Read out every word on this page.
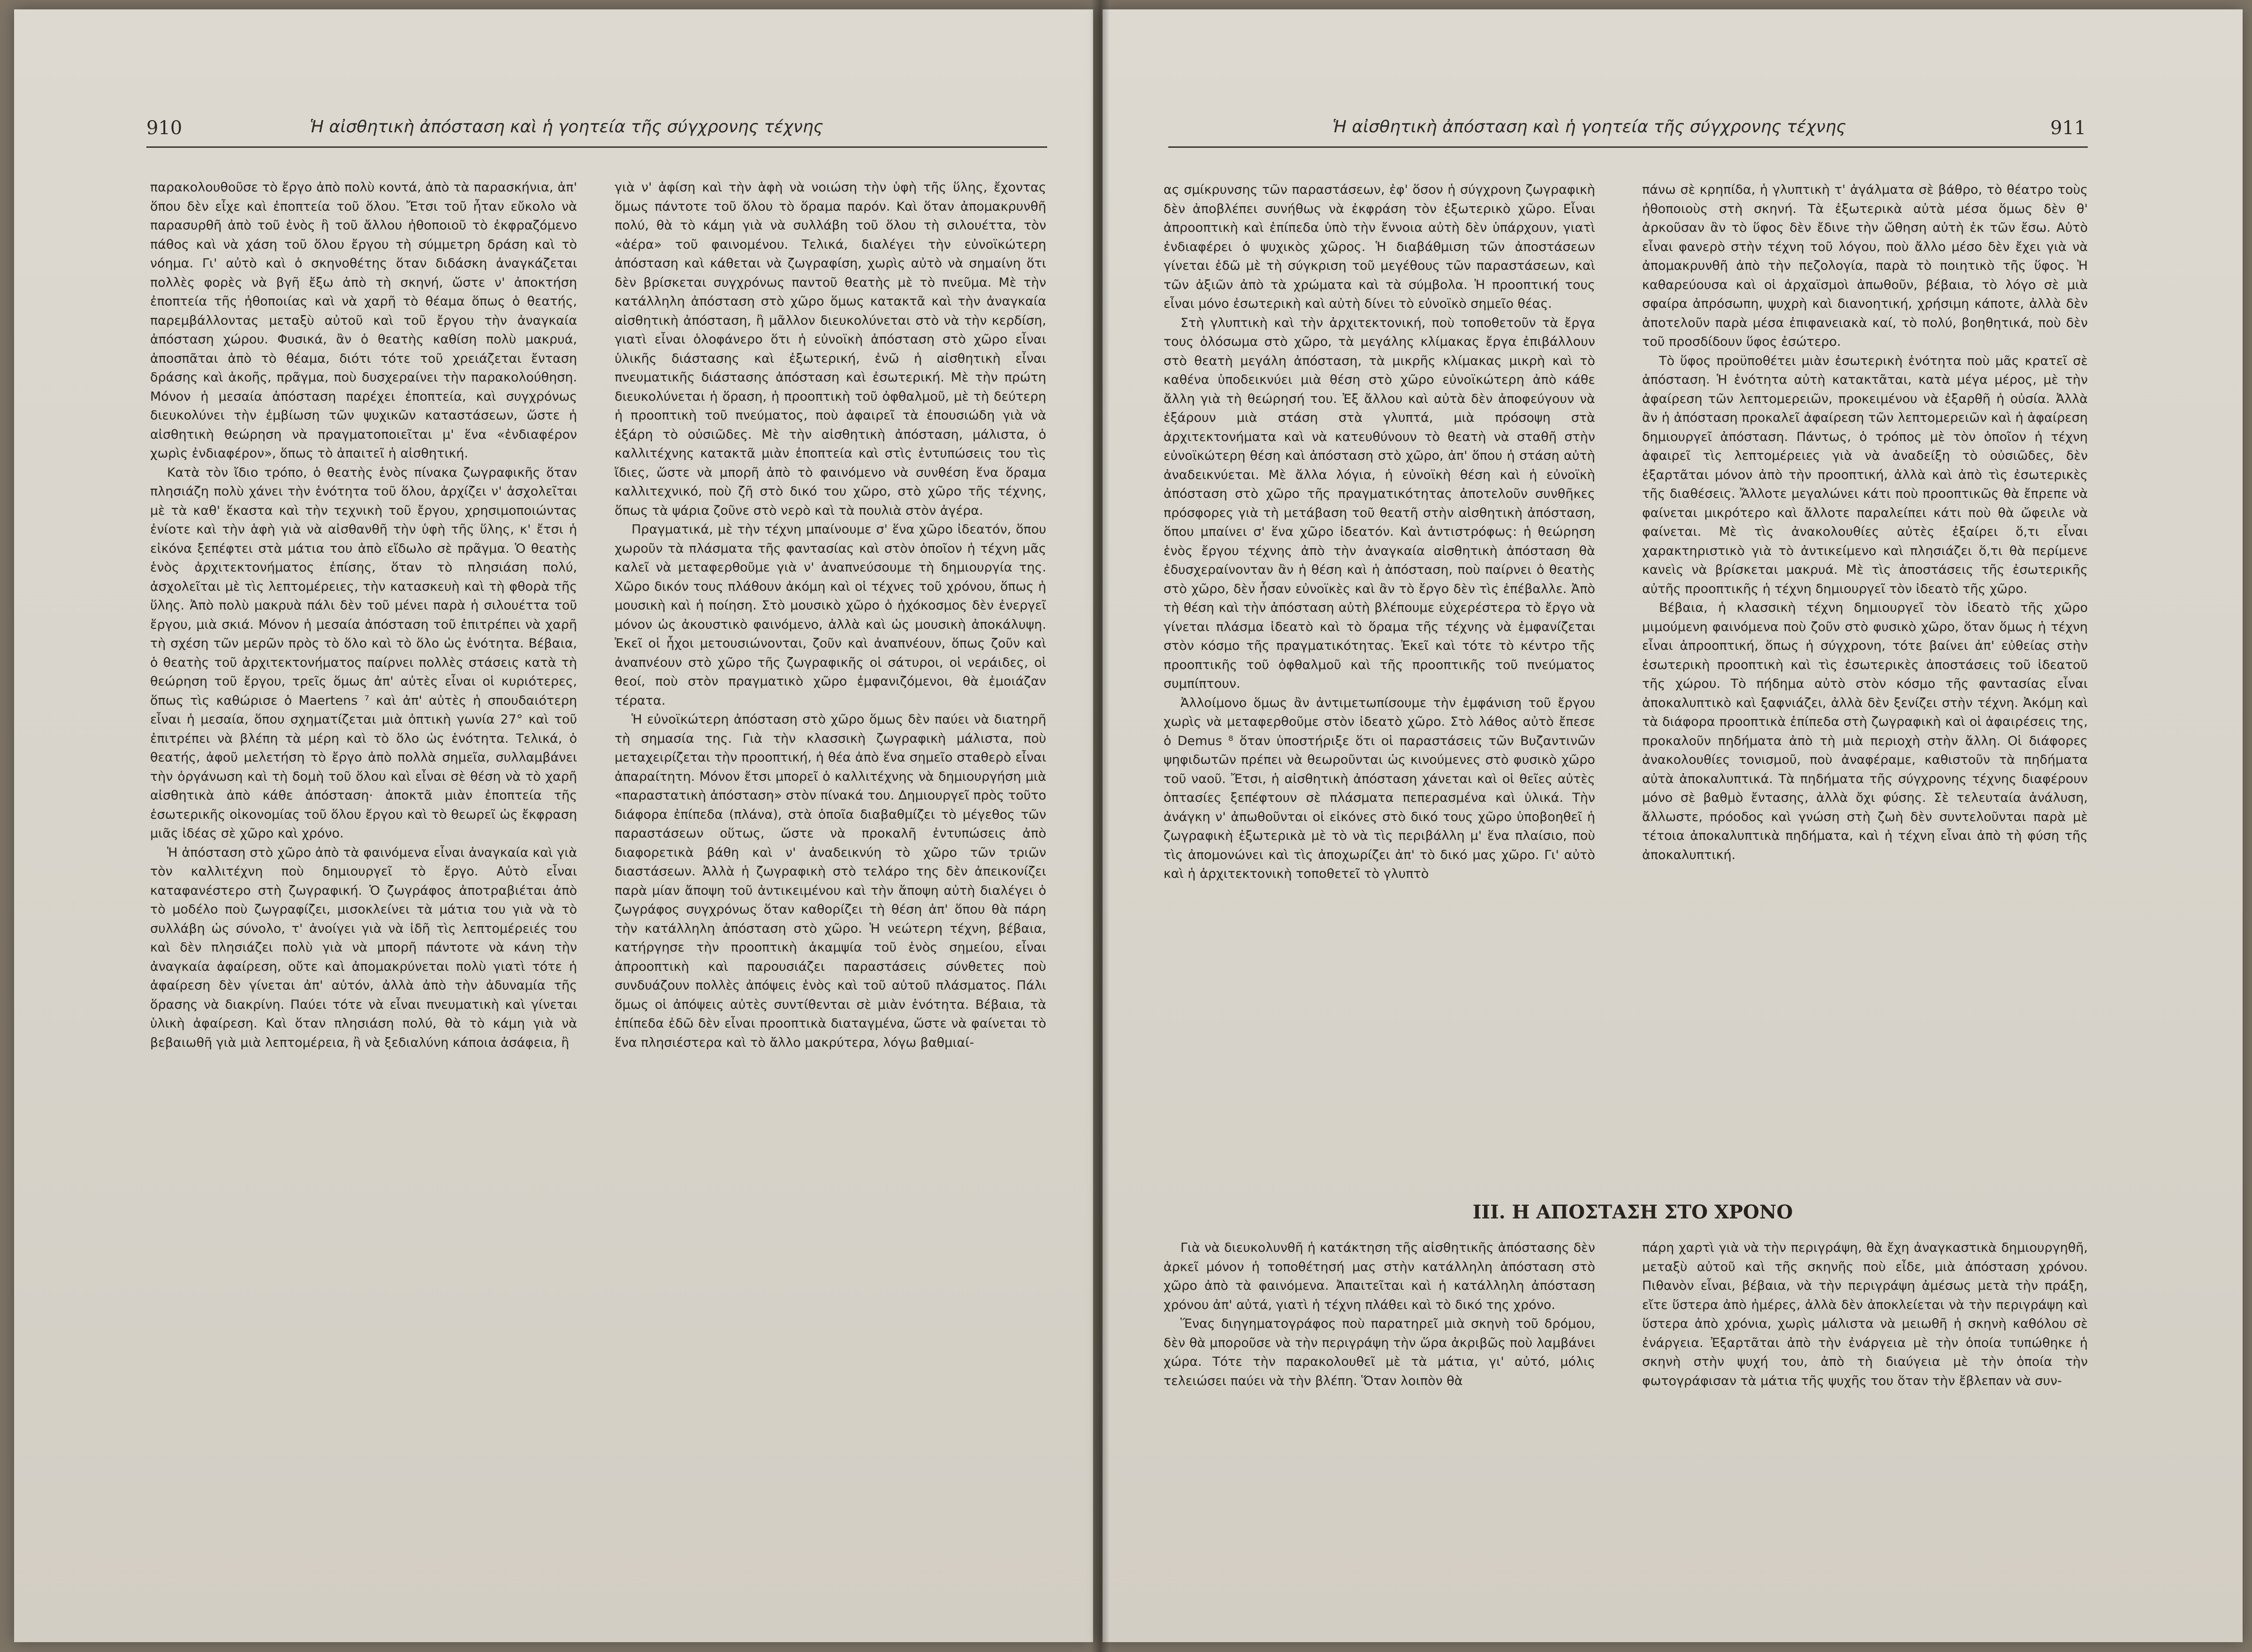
910	Ἡ αἰσθητικὴ ἀπόσταση καὶ ἡ γοητεία τῆς σύγχρονης τέχνης

παρακολουθοῦσε τὸ ἔργο ἀπὸ πολὺ κοντά, ἀπὸ τὰ παρασκήνια, ἀπ' ὅπου δὲν εἶχε καὶ ἐποπτεία τοῦ ὅλου. Ἔτσι τοῦ ἦταν εὔκολο νὰ παρασυρθῆ ἀπὸ τοῦ ἑνὸς ἢ τοῦ ἄλλου ἠθοποιοῦ τὸ ἐκφραζόμενο πάθος καὶ νὰ χάση τοῦ ὅλου ἔργου τὴ σύμμετρη δράση καὶ τὸ νόημα. Γι' αὐτὸ καὶ ὁ σκηνοθέτης ὅταν διδάσκη ἀναγκάζεται πολλὲς φορὲς νὰ βγῆ ἔξω ἀπὸ τὴ σκηνή, ὥστε ν' ἀποκτήση ἐποπτεία τῆς ἠθοποιίας καὶ νὰ χαρῆ τὸ θέαμα ὅπως ὁ θεατής, παρεμβάλλοντας μεταξὺ αὐτοῦ καὶ τοῦ ἔργου τὴν ἀναγκαία ἀπόσταση χώρου. Φυσικά, ἂν ὁ θεατὴς καθίση πολὺ μακρυά, ἀποσπᾶται ἀπὸ τὸ θέαμα, διότι τότε τοῦ χρειάζεται ἔνταση δράσης καὶ ἀκοῆς, πρᾶγμα, ποὺ δυσχεραίνει τὴν παρακολούθηση. Μόνον ἡ μεσαία ἀπόσταση παρέχει ἐποπτεία, καὶ συγχρόνως διευκολύνει τὴν ἐμβίωση τῶν ψυχικῶν καταστάσεων, ὥστε ἡ αἰσθητικὴ θεώρηση νὰ πραγματοποιεῖται μ' ἕνα «ἐνδιαφέρον χωρὶς ἐνδιαφέρον», ὅπως τὸ ἀπαιτεῖ ἡ αἰσθητική.

Κατὰ τὸν ἴδιο τρόπο, ὁ θεατὴς ἑνὸς πίνακα ζωγραφικῆς ὅταν πλησιάζη πολὺ χάνει τὴν ἑνότητα τοῦ ὅλου, ἀρχίζει ν' ἀσχολεῖται μὲ τὰ καθ' ἕκαστα καὶ τὴν τεχνικὴ τοῦ ἔργου, χρησιμοποιώντας ἐνίοτε καὶ τὴν ἁφὴ γιὰ νὰ αἰσθανθῆ τὴν ὑφὴ τῆς ὕλης, κ' ἔτσι ἡ εἰκόνα ξεπέφτει στὰ μάτια του ἀπὸ εἴδωλο σὲ πρᾶγμα. Ὁ θεατὴς ἑνὸς ἀρχιτεκτονήματος ἐπίσης, ὅταν τὸ πλησιάση πολύ, ἀσχολεῖται μὲ τὶς λεπτομέρειες, τὴν κατασκευὴ καὶ τὴ φθορὰ τῆς ὕλης. Ἀπὸ πολὺ μακρυὰ πάλι δὲν τοῦ μένει παρὰ ἡ σιλουέττα τοῦ ἔργου, μιὰ σκιά. Μόνον ἡ μεσαία ἀπόσταση τοῦ ἐπιτρέπει νὰ χαρῆ τὴ σχέση τῶν μερῶν πρὸς τὸ ὅλο καὶ τὸ ὅλο ὡς ἑνότητα. Βέβαια, ὁ θεατὴς τοῦ ἀρχιτεκτονήματος παίρνει πολλὲς στάσεις κατὰ τὴ θεώρηση τοῦ ἔργου, τρεῖς ὅμως ἀπ' αὐτὲς εἶναι οἱ κυριότερες, ὅπως τὶς καθώρισε ὁ Maertens ⁷ καὶ ἀπ' αὐτὲς ἡ σπουδαιότερη εἶναι ἡ μεσαία, ὅπου σχηματίζεται μιὰ ὀπτικὴ γωνία 27° καὶ τοῦ ἐπιτρέπει νὰ βλέπη τὰ μέρη καὶ τὸ ὅλο ὡς ἑνότητα. Τελικά, ὁ θεατής, ἀφοῦ μελετήση τὸ ἔργο ἀπὸ πολλὰ σημεῖα, συλλαμβάνει τὴν ὀργάνωση καὶ τὴ δομὴ τοῦ ὅλου καὶ εἶναι σὲ θέση νὰ τὸ χαρῆ αἰσθητικὰ ἀπὸ κάθε ἀπόσταση· ἀποκτᾶ μιὰν ἐποπτεία τῆς ἐσωτερικῆς οἰκονομίας τοῦ ὅλου ἔργου καὶ τὸ θεωρεῖ ὡς ἔκφραση μιᾶς ἰδέας σὲ χῶρο καὶ χρόνο.

Ἡ ἀπόσταση στὸ χῶρο ἀπὸ τὰ φαινόμενα εἶναι ἀναγκαία καὶ γιὰ τὸν καλλιτέχνη ποὺ δημιουργεῖ τὸ ἔργο. Αὐτὸ εἶναι καταφανέστερο στὴ ζωγραφική. Ὁ ζωγράφος ἀποτραβιέται ἀπὸ τὸ μοδέλο ποὺ ζωγραφίζει, μισοκλείνει τὰ μάτια του γιὰ νὰ τὸ συλλάβη ὡς σύνολο, τ' ἀνοίγει γιὰ νὰ ἰδῆ τὶς λεπτομέρειές του καὶ δὲν πλησιάζει πολὺ γιὰ νὰ μπορῆ πάντοτε νὰ κάνη τὴν ἀναγκαία ἀφαίρεση, οὔτε καὶ ἀπομακρύνεται πολὺ γιατὶ τότε ἡ ἀφαίρεση δὲν γίνεται ἀπ' αὐτόν, ἀλλὰ ἀπὸ τὴν ἀδυναμία τῆς ὅρασης νὰ διακρίνη. Παύει τότε νὰ εἶναι πνευματικὴ καὶ γίνεται ὑλικὴ ἀφαίρεση. Καὶ ὅταν πλησιάση πολύ, θὰ τὸ κάμη γιὰ νὰ βεβαιωθῆ γιὰ μιὰ λεπτομέρεια, ἢ νὰ ξεδιαλύνη κάποια ἀσάφεια, ἢ

γιὰ ν' ἀφίση καὶ τὴν ἁφὴ νὰ νοιώση τὴν ὑφὴ τῆς ὕλης, ἔχοντας ὅμως πάντοτε τοῦ ὅλου τὸ ὅραμα παρόν. Καὶ ὅταν ἀπομακρυνθῆ πολύ, θὰ τὸ κάμη γιὰ νὰ συλλάβη τοῦ ὅλου τὴ σιλουέττα, τὸν «ἀέρα» τοῦ φαινομένου. Τελικά, διαλέγει τὴν εὐνοϊκώτερη ἀπόσταση καὶ κάθεται νὰ ζωγραφίση, χωρὶς αὐτὸ νὰ σημαίνη ὅτι δὲν βρίσκεται συγχρόνως παντοῦ θεατὴς μὲ τὸ πνεῦμα. Μὲ τὴν κατάλληλη ἀπόσταση στὸ χῶρο ὅμως κατακτᾶ καὶ τὴν ἀναγκαία αἰσθητικὴ ἀπόσταση, ἢ μᾶλλον διευκολύνεται στὸ νὰ τὴν κερδίση, γιατὶ εἶναι ὁλοφάνερο ὅτι ἡ εὐνοϊκὴ ἀπόσταση στὸ χῶρο εἶναι ὑλικῆς διάστασης καὶ ἐξωτερική, ἐνῶ ἡ αἰσθητικὴ εἶναι πνευματικῆς διάστασης ἀπόσταση καὶ ἐσωτερική. Μὲ τὴν πρώτη διευκολύνεται ἡ ὅραση, ἡ προοπτικὴ τοῦ ὀφθαλμοῦ, μὲ τὴ δεύτερη ἡ προοπτικὴ τοῦ πνεύματος, ποὺ ἀφαιρεῖ τὰ ἐπουσιώδη γιὰ νὰ ἐξάρη τὸ οὐσιῶδες. Μὲ τὴν αἰσθητικὴ ἀπόσταση, μάλιστα, ὁ καλλιτέχνης κατακτᾶ μιὰν ἐποπτεία καὶ στὶς ἐντυπώσεις του τὶς ἴδιες, ὥστε νὰ μπορῆ ἀπὸ τὸ φαινόμενο νὰ συνθέση ἕνα ὅραμα καλλιτεχνικό, ποὺ ζῆ στὸ δικό του χῶρο, στὸ χῶρο τῆς τέχνης, ὅπως τὰ ψάρια ζοῦνε στὸ νερὸ καὶ τὰ πουλιὰ στὸν ἀγέρα.

Πραγματικά, μὲ τὴν τέχνη μπαίνουμε σ' ἕνα χῶρο ἰδεατόν, ὅπου χωροῦν τὰ πλάσματα τῆς φαντασίας καὶ στὸν ὁποῖον ἡ τέχνη μᾶς καλεῖ νὰ μεταφερθοῦμε γιὰ ν' ἀναπνεύσουμε τὴ δημιουργία της. Χῶρο δικόν τους πλάθουν ἀκόμη καὶ οἱ τέχνες τοῦ χρόνου, ὅπως ἡ μουσικὴ καὶ ἡ ποίηση. Στὸ μουσικὸ χῶρο ὁ ἠχόκοσμος δὲν ἐνεργεῖ μόνον ὡς ἀκουστικὸ φαινόμενο, ἀλλὰ καὶ ὡς μουσικὴ ἀποκάλυψη. Ἐκεῖ οἱ ἦχοι μετουσιώνονται, ζοῦν καὶ ἀναπνέουν, ὅπως ζοῦν καὶ ἀναπνέουν στὸ χῶρο τῆς ζωγραφικῆς οἱ σάτυροι, οἱ νεράιδες, οἱ θεοί, ποὺ στὸν πραγματικὸ χῶρο ἐμφανιζόμενοι, θὰ ἐμοιάζαν τέρατα.

Ἡ εὐνοϊκώτερη ἀπόσταση στὸ χῶρο ὅμως δὲν παύει νὰ διατηρῆ τὴ σημασία της. Γιὰ τὴν κλασσικὴ ζωγραφικὴ μάλιστα, ποὺ μεταχειρίζεται τὴν προοπτική, ἡ θέα ἀπὸ ἕνα σημεῖο σταθερὸ εἶναι ἀπαραίτητη. Μόνον ἔτσι μπορεῖ ὁ καλλιτέχνης νὰ δημιουργήση μιὰ «παραστατικὴ ἀπόσταση» στὸν πίνακά του. Δημιουργεῖ πρὸς τοῦτο διάφορα ἐπίπεδα (πλάνα), στὰ ὁποῖα διαβαθμίζει τὸ μέγεθος τῶν παραστάσεων οὕτως, ὥστε νὰ προκαλῆ ἐντυπώσεις ἀπὸ διαφορετικὰ βάθη καὶ ν' ἀναδεικνύη τὸ χῶρο τῶν τριῶν διαστάσεων. Ἀλλὰ ἡ ζωγραφικὴ στὸ τελάρο της δὲν ἀπεικονίζει παρὰ μίαν ἄποψη τοῦ ἀντικειμένου καὶ τὴν ἄποψη αὐτὴ διαλέγει ὁ ζωγράφος συγχρόνως ὅταν καθορίζει τὴ θέση ἀπ' ὅπου θὰ πάρη τὴν κατάλληλη ἀπόσταση στὸ χῶρο. Ἡ νεώτερη τέχνη, βέβαια, κατήργησε τὴν προοπτικὴ ἀκαμψία τοῦ ἑνὸς σημείου, εἶναι ἀπροοπτικὴ καὶ παρουσιάζει παραστάσεις σύνθετες ποὺ συνδυάζουν πολλὲς ἀπόψεις ἑνὸς καὶ τοῦ αὐτοῦ πλάσματος. Πάλι ὅμως οἱ ἀπόψεις αὐτὲς συντίθενται σὲ μιὰν ἑνότητα. Βέβαια, τὰ ἐπίπεδα ἐδῶ δὲν εἶναι προοπτικὰ διαταγμένα, ὥστε νὰ φαίνεται τὸ ἕνα πλησιέστερα καὶ τὸ ἄλλο μακρύτερα, λόγω βαθμιαί-

Ἡ αἰσθητικὴ ἀπόσταση καὶ ἡ γοητεία τῆς σύγχρονης τέχνης	911

ας σμίκρυνσης τῶν παραστάσεων, ἐφ' ὅσον ἡ σύγχρονη ζωγραφικὴ δὲν ἀποβλέπει συνήθως νὰ ἐκφράση τὸν ἐξωτερικὸ χῶρο. Εἶναι ἀπροοπτικὴ καὶ ἐπίπεδα ὑπὸ τὴν ἔννοια αὐτὴ δὲν ὑπάρχουν, γιατὶ ἐνδιαφέρει ὁ ψυχικὸς χῶρος. Ἡ διαβάθμιση τῶν ἀποστάσεων γίνεται ἐδῶ μὲ τὴ σύγκριση τοῦ μεγέθους τῶν παραστάσεων, καὶ τῶν ἀξιῶν ἀπὸ τὰ χρώματα καὶ τὰ σύμβολα. Ἡ προοπτική τους εἶναι μόνο ἐσωτερικὴ καὶ αὐτὴ δίνει τὸ εὐνοϊκὸ σημεῖο θέας.

Στὴ γλυπτικὴ καὶ τὴν ἀρχιτεκτονική, ποὺ τοποθετοῦν τὰ ἔργα τους ὁλόσωμα στὸ χῶρο, τὰ μεγάλης κλίμακας ἔργα ἐπιβάλλουν στὸ θεατὴ μεγάλη ἀπόσταση, τὰ μικρῆς κλίμακας μικρὴ καὶ τὸ καθένα ὑποδεικνύει μιὰ θέση στὸ χῶρο εὐνοϊκώτερη ἀπὸ κάθε ἄλλη γιὰ τὴ θεώρησή του. Ἐξ ἄλλου καὶ αὐτὰ δὲν ἀποφεύγουν νὰ ἐξάρουν μιὰ στάση στὰ γλυπτά, μιὰ πρόσοψη στὰ ἀρχιτεκτονήματα καὶ νὰ κατευθύνουν τὸ θεατὴ νὰ σταθῆ στὴν εὐνοϊκώτερη θέση καὶ ἀπόσταση στὸ χῶρο, ἀπ' ὅπου ἡ στάση αὐτὴ ἀναδεικνύεται. Μὲ ἄλλα λόγια, ἡ εὐνοϊκὴ θέση καὶ ἡ εὐνοϊκὴ ἀπόσταση στὸ χῶρο τῆς πραγματικότητας ἀποτελοῦν συνθῆκες πρόσφορες γιὰ τὴ μετάβαση τοῦ θεατῆ στὴν αἰσθητικὴ ἀπόσταση, ὅπου μπαίνει σ' ἕνα χῶρο ἰδεατόν. Καὶ ἀντιστρόφως: ἡ θεώρηση ἑνὸς ἔργου τέχνης ἀπὸ τὴν ἀναγκαία αἰσθητικὴ ἀπόσταση θὰ ἐδυσχεραίνονταν ἂν ἡ θέση καὶ ἡ ἀπόσταση, ποὺ παίρνει ὁ θεατὴς στὸ χῶρο, δὲν ἦσαν εὐνοϊκὲς καὶ ἂν τὸ ἔργο δὲν τὶς ἐπέβαλλε. Ἀπὸ τὴ θέση καὶ τὴν ἀπόσταση αὐτὴ βλέπουμε εὐχερέστερα τὸ ἔργο νὰ γίνεται πλάσμα ἰδεατὸ καὶ τὸ ὅραμα τῆς τέχνης νὰ ἐμφανίζεται στὸν κόσμο τῆς πραγματικότητας. Ἐκεῖ καὶ τότε τὸ κέντρο τῆς προοπτικῆς τοῦ ὀφθαλμοῦ καὶ τῆς προοπτικῆς τοῦ πνεύματος συμπίπτουν.

Ἀλλοίμονο ὅμως ἂν ἀντιμετωπίσουμε τὴν ἐμφάνιση τοῦ ἔργου χωρὶς νὰ μεταφερθοῦμε στὸν ἰδεατὸ χῶρο. Στὸ λάθος αὐτὸ ἔπεσε ὁ Demus ⁸ ὅταν ὑποστήριξε ὅτι οἱ παραστάσεις τῶν Βυζαντινῶν ψηφιδωτῶν πρέπει νὰ θεωροῦνται ὡς κινούμενες στὸ φυσικὸ χῶρο τοῦ ναοῦ. Ἔτσι, ἡ αἰσθητικὴ ἀπόσταση χάνεται καὶ οἱ θεῖες αὐτὲς ὀπτασίες ξεπέφτουν σὲ πλάσματα πεπερασμένα καὶ ὑλικά. Τὴν ἀνάγκη ν' ἀπωθοῦνται οἱ εἰκόνες στὸ δικό τους χῶρο ὑποβοηθεῖ ἡ ζωγραφικὴ ἐξωτερικὰ μὲ τὸ νὰ τὶς περιβάλλη μ' ἕνα πλαίσιο, ποὺ τὶς ἀπομονώνει καὶ τὶς ἀποχωρίζει ἀπ' τὸ δικό μας χῶρο. Γι' αὐτὸ καὶ ἡ ἀρχιτεκτονικὴ τοποθετεῖ τὸ γλυπτὸ

πάνω σὲ κρηπίδα, ἡ γλυπτικὴ τ' ἀγάλματα σὲ βάθρο, τὸ θέατρο τοὺς ἠθοποιοὺς στὴ σκηνή. Τὰ ἐξωτερικὰ αὐτὰ μέσα ὅμως δὲν θ' ἀρκοῦσαν ἂν τὸ ὕφος δὲν ἔδινε τὴν ὤθηση αὐτὴ ἐκ τῶν ἔσω. Αὐτὸ εἶναι φανερὸ στὴν τέχνη τοῦ λόγου, ποὺ ἄλλο μέσο δὲν ἔχει γιὰ νὰ ἀπομακρυνθῆ ἀπὸ τὴν πεζολογία, παρὰ τὸ ποιητικὸ τῆς ὕφος. Ἡ καθαρεύουσα καὶ οἱ ἀρχαϊσμοὶ ἀπωθοῦν, βέβαια, τὸ λόγο σὲ μιὰ σφαίρα ἀπρόσωπη, ψυχρὴ καὶ διανοητική, χρήσιμη κάποτε, ἀλλὰ δὲν ἀποτελοῦν παρὰ μέσα ἐπιφανειακὰ καί, τὸ πολύ, βοηθητικά, ποὺ δὲν τοῦ προσδίδουν ὕφος ἐσώτερο.

Τὸ ὕφος προϋποθέτει μιὰν ἐσωτερικὴ ἑνότητα ποὺ μᾶς κρατεῖ σὲ ἀπόσταση. Ἡ ἑνότητα αὐτὴ κατακτᾶται, κατὰ μέγα μέρος, μὲ τὴν ἀφαίρεση τῶν λεπτομερειῶν, προκειμένου νὰ ἐξαρθῆ ἡ οὐσία. Ἀλλὰ ἂν ἡ ἀπόσταση προκαλεῖ ἀφαίρεση τῶν λεπτομερειῶν καὶ ἡ ἀφαίρεση δημιουργεῖ ἀπόσταση. Πάντως, ὁ τρόπος μὲ τὸν ὁποῖον ἡ τέχνη ἀφαιρεῖ τὶς λεπτομέρειες γιὰ νὰ ἀναδείξη τὸ οὐσιῶδες, δὲν ἐξαρτᾶται μόνον ἀπὸ τὴν προοπτική, ἀλλὰ καὶ ἀπὸ τὶς ἐσωτερικὲς τῆς διαθέσεις. Ἄλλοτε μεγαλώνει κάτι ποὺ προοπτικῶς θὰ ἔπρεπε νὰ φαίνεται μικρότερο καὶ ἄλλοτε παραλείπει κάτι ποὺ θὰ ὤφειλε νὰ φαίνεται. Μὲ τὶς ἀνακολουθίες αὐτὲς ἐξαίρει ὅ,τι εἶναι χαρακτηριστικὸ γιὰ τὸ ἀντικείμενο καὶ πλησιάζει ὅ,τι θὰ περίμενε κανεὶς νὰ βρίσκεται μακρυά. Μὲ τὶς ἀποστάσεις τῆς ἐσωτερικῆς αὐτῆς προοπτικῆς ἡ τέχνη δημιουργεῖ τὸν ἰδεατὸ τῆς χῶρο.

Βέβαια, ἡ κλασσικὴ τέχνη δημιουργεῖ τὸν ἰδεατὸ τῆς χῶρο μιμούμενη φαινόμενα ποὺ ζοῦν στὸ φυσικὸ χῶρο, ὅταν ὅμως ἡ τέχνη εἶναι ἀπροοπτική, ὅπως ἡ σύγχρονη, τότε βαίνει ἀπ' εὐθείας στὴν ἐσωτερικὴ προοπτικὴ καὶ τὶς ἐσωτερικὲς ἀποστάσεις τοῦ ἰδεατοῦ τῆς χώρου. Τὸ πήδημα αὐτὸ στὸν κόσμο τῆς φαντασίας εἶναι ἀποκαλυπτικὸ καὶ ξαφνιάζει, ἀλλὰ δὲν ξενίζει στὴν τέχνη. Ἀκόμη καὶ τὰ διάφορα προοπτικὰ ἐπίπεδα στὴ ζωγραφικὴ καὶ οἱ ἀφαιρέσεις της, προκαλοῦν πηδήματα ἀπὸ τὴ μιὰ περιοχὴ στὴν ἄλλη. Οἱ διάφορες ἀνακολουθίες τονισμοῦ, ποὺ ἀναφέραμε, καθιστοῦν τὰ πηδήματα αὐτὰ ἀποκαλυπτικά. Τὰ πηδήματα τῆς σύγχρονης τέχνης διαφέρουν μόνο σὲ βαθμὸ ἔντασης, ἀλλὰ ὄχι φύσης. Σὲ τελευταία ἀνάλυση, ἄλλωστε, πρόοδος καὶ γνώση στὴ ζωὴ δὲν συντελοῦνται παρὰ μὲ τέτοια ἀποκαλυπτικὰ πηδήματα, καὶ ἡ τέχνη εἶναι ἀπὸ τὴ φύση τῆς ἀποκαλυπτική.

III. Η ΑΠΟΣΤΑΣΗ ΣΤΟ ΧΡΟΝΟ

Γιὰ νὰ διευκολυνθῆ ἡ κατάκτηση τῆς αἰσθητικῆς ἀπόστασης δὲν ἀρκεῖ μόνον ἡ τοποθέτησή μας στὴν κατάλληλη ἀπόσταση στὸ χῶρο ἀπὸ τὰ φαινόμενα. Ἀπαιτεῖται καὶ ἡ κατάλληλη ἀπόσταση χρόνου ἀπ' αὐτά, γιατὶ ἡ τέχνη πλάθει καὶ τὸ δικό της χρόνο.

Ἕνας διηγηματογράφος ποὺ παρατηρεῖ μιὰ σκηνὴ τοῦ δρόμου, δὲν θὰ μποροῦσε νὰ τὴν περιγράψη τὴν ὥρα ἀκριβῶς ποὺ λαμβάνει χώρα. Τότε τὴν παρακολουθεῖ μὲ τὰ μάτια, γι' αὐτό, μόλις τελειώσει παύει νὰ τὴν βλέπη. Ὅταν λοιπὸν θὰ

πάρη χαρτὶ γιὰ νὰ τὴν περιγράψη, θὰ ἔχη ἀναγκαστικὰ δημιουργηθῆ, μεταξὺ αὐτοῦ καὶ τῆς σκηνῆς ποὺ εἶδε, μιὰ ἀπόσταση χρόνου. Πιθανὸν εἶναι, βέβαια, νὰ τὴν περιγράψη ἀμέσως μετὰ τὴν πράξη, εἴτε ὕστερα ἀπὸ ἡμέρες, ἀλλὰ δὲν ἀποκλείεται νὰ τὴν περιγράψη καὶ ὕστερα ἀπὸ χρόνια, χωρὶς μάλιστα νὰ μειωθῆ ἡ σκηνὴ καθόλου σὲ ἐνάργεια. Ἐξαρτᾶται ἀπὸ τὴν ἐνάργεια μὲ τὴν ὁποία τυπώθηκε ἡ σκηνὴ στὴν ψυχή του, ἀπὸ τὴ διαύγεια μὲ τὴν ὁποία τὴν φωτογράφισαν τὰ μάτια τῆς ψυχῆς του ὅταν τὴν ἔβλεπαν νὰ συν-
